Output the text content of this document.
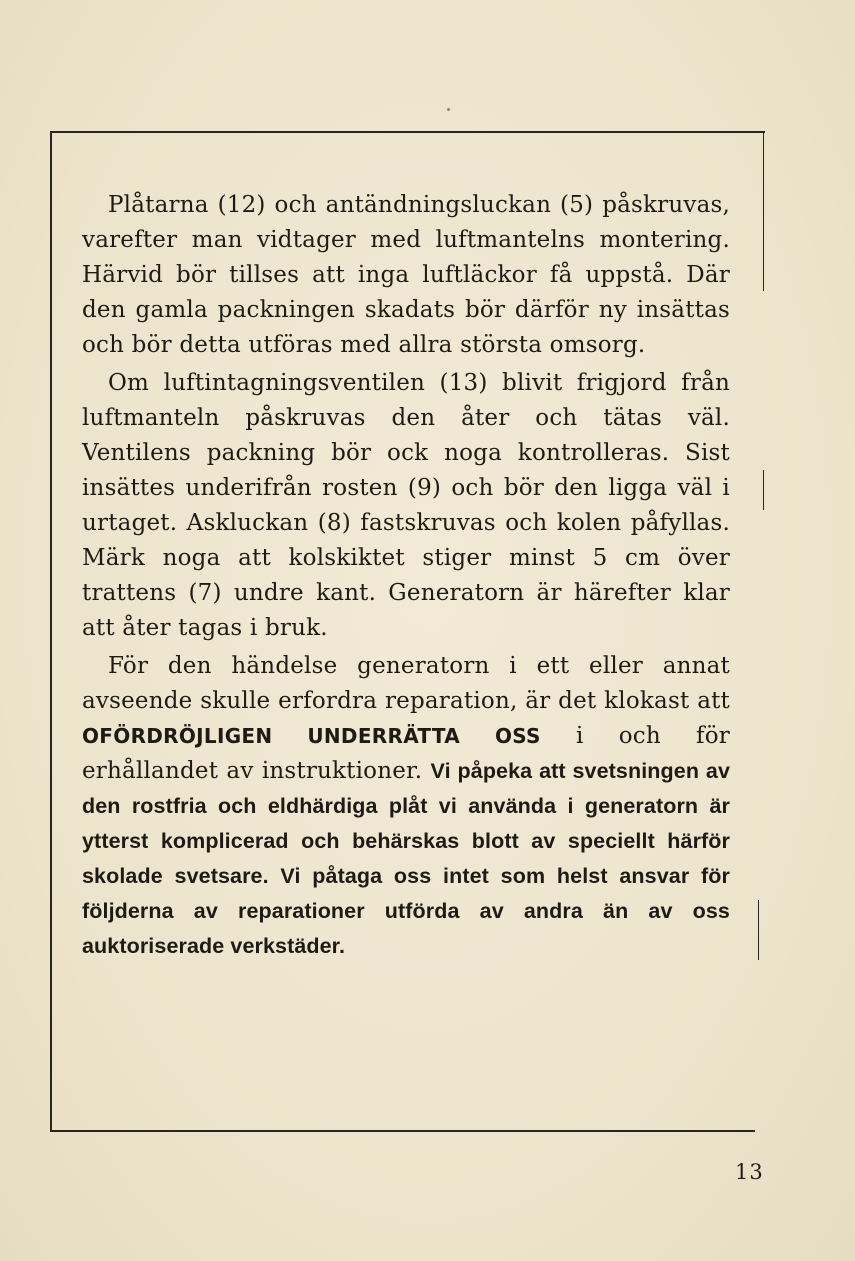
Plåtarna (12) och antändningsluckan (5) påskruvas, varefter man vidtager med luftmantelns montering. Härvid bör tillses att inga luftläckor få uppstå. Där den gamla packningen skadats bör därför ny insättas och bör detta utföras med allra största omsorg.

Om luftintagningsventilen (13) blivit frigjord från luftmanteln påskruvas den åter och tätas väl. Ventilens packning bör ock noga kontrolleras. Sist insättes underifrån rosten (9) och bör den ligga väl i urtaget. Askluckan (8) fastskruvas och kolen påfyllas. Märk noga att kolskiktet stiger minst 5 cm över trattens (7) undre kant. Generatorn är härefter klar att åter tagas i bruk.

För den händelse generatorn i ett eller annat avseende skulle erfordra reparation, är det klokast att OFÖRDRÖJLIGEN UNDERRÄTTA OSS i och för erhållandet av instruktioner. Vi påpeka att svetsningen av den rostfria och eldhärdiga plåt vi använda i generatorn är ytterst komplicerad och behärskas blott av speciellt härför skolade svetsare. Vi påtaga oss intet som helst ansvar för följderna av reparationer utförda av andra än av oss auktoriserade verkstäder.

13
